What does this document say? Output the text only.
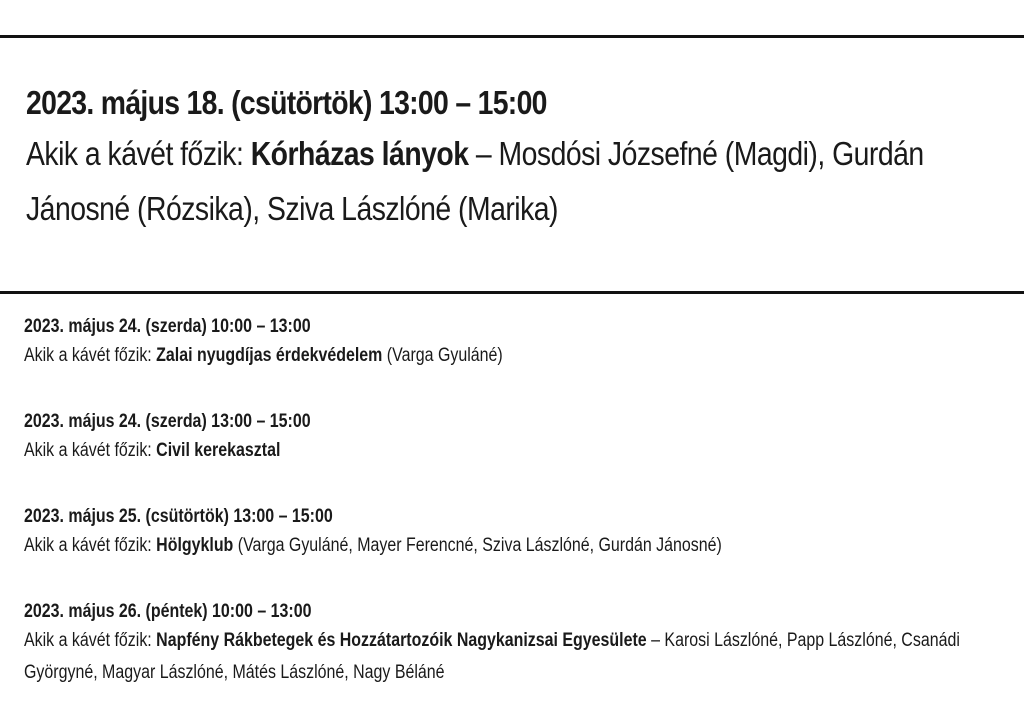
2023. május 18. (csütörtök) 13:00 – 15:00
Akik a kávét főzik: Kórházas lányok – Mosdósi Józsefné (Magdi), Gurdán Jánosné (Rózsika), Sziva Lászlóné (Marika)
2023. május 24. (szerda) 10:00 – 13:00
Akik a kávét főzik: Zalai nyugdíjas érdekvédelem (Varga Gyuláné)
2023. május 24. (szerda) 13:00 – 15:00
Akik a kávét főzik: Civil kerekasztal
2023. május 25. (csütörtök) 13:00 – 15:00
Akik a kávét főzik: Hölgyklub (Varga Gyuláné, Mayer Ferencné, Sziva Lászlóné, Gurdán Jánosné)
2023. május 26. (péntek) 10:00 – 13:00
Akik a kávét főzik: Napfény Rákbetegek és Hozzátartozóik Nagykanizsai Egyesülete – Karosi Lászlóné, Papp Lászlóné, Csanádi Györgyné, Magyar Lászlóné, Mátés Lászlóné, Nagy Béláné
